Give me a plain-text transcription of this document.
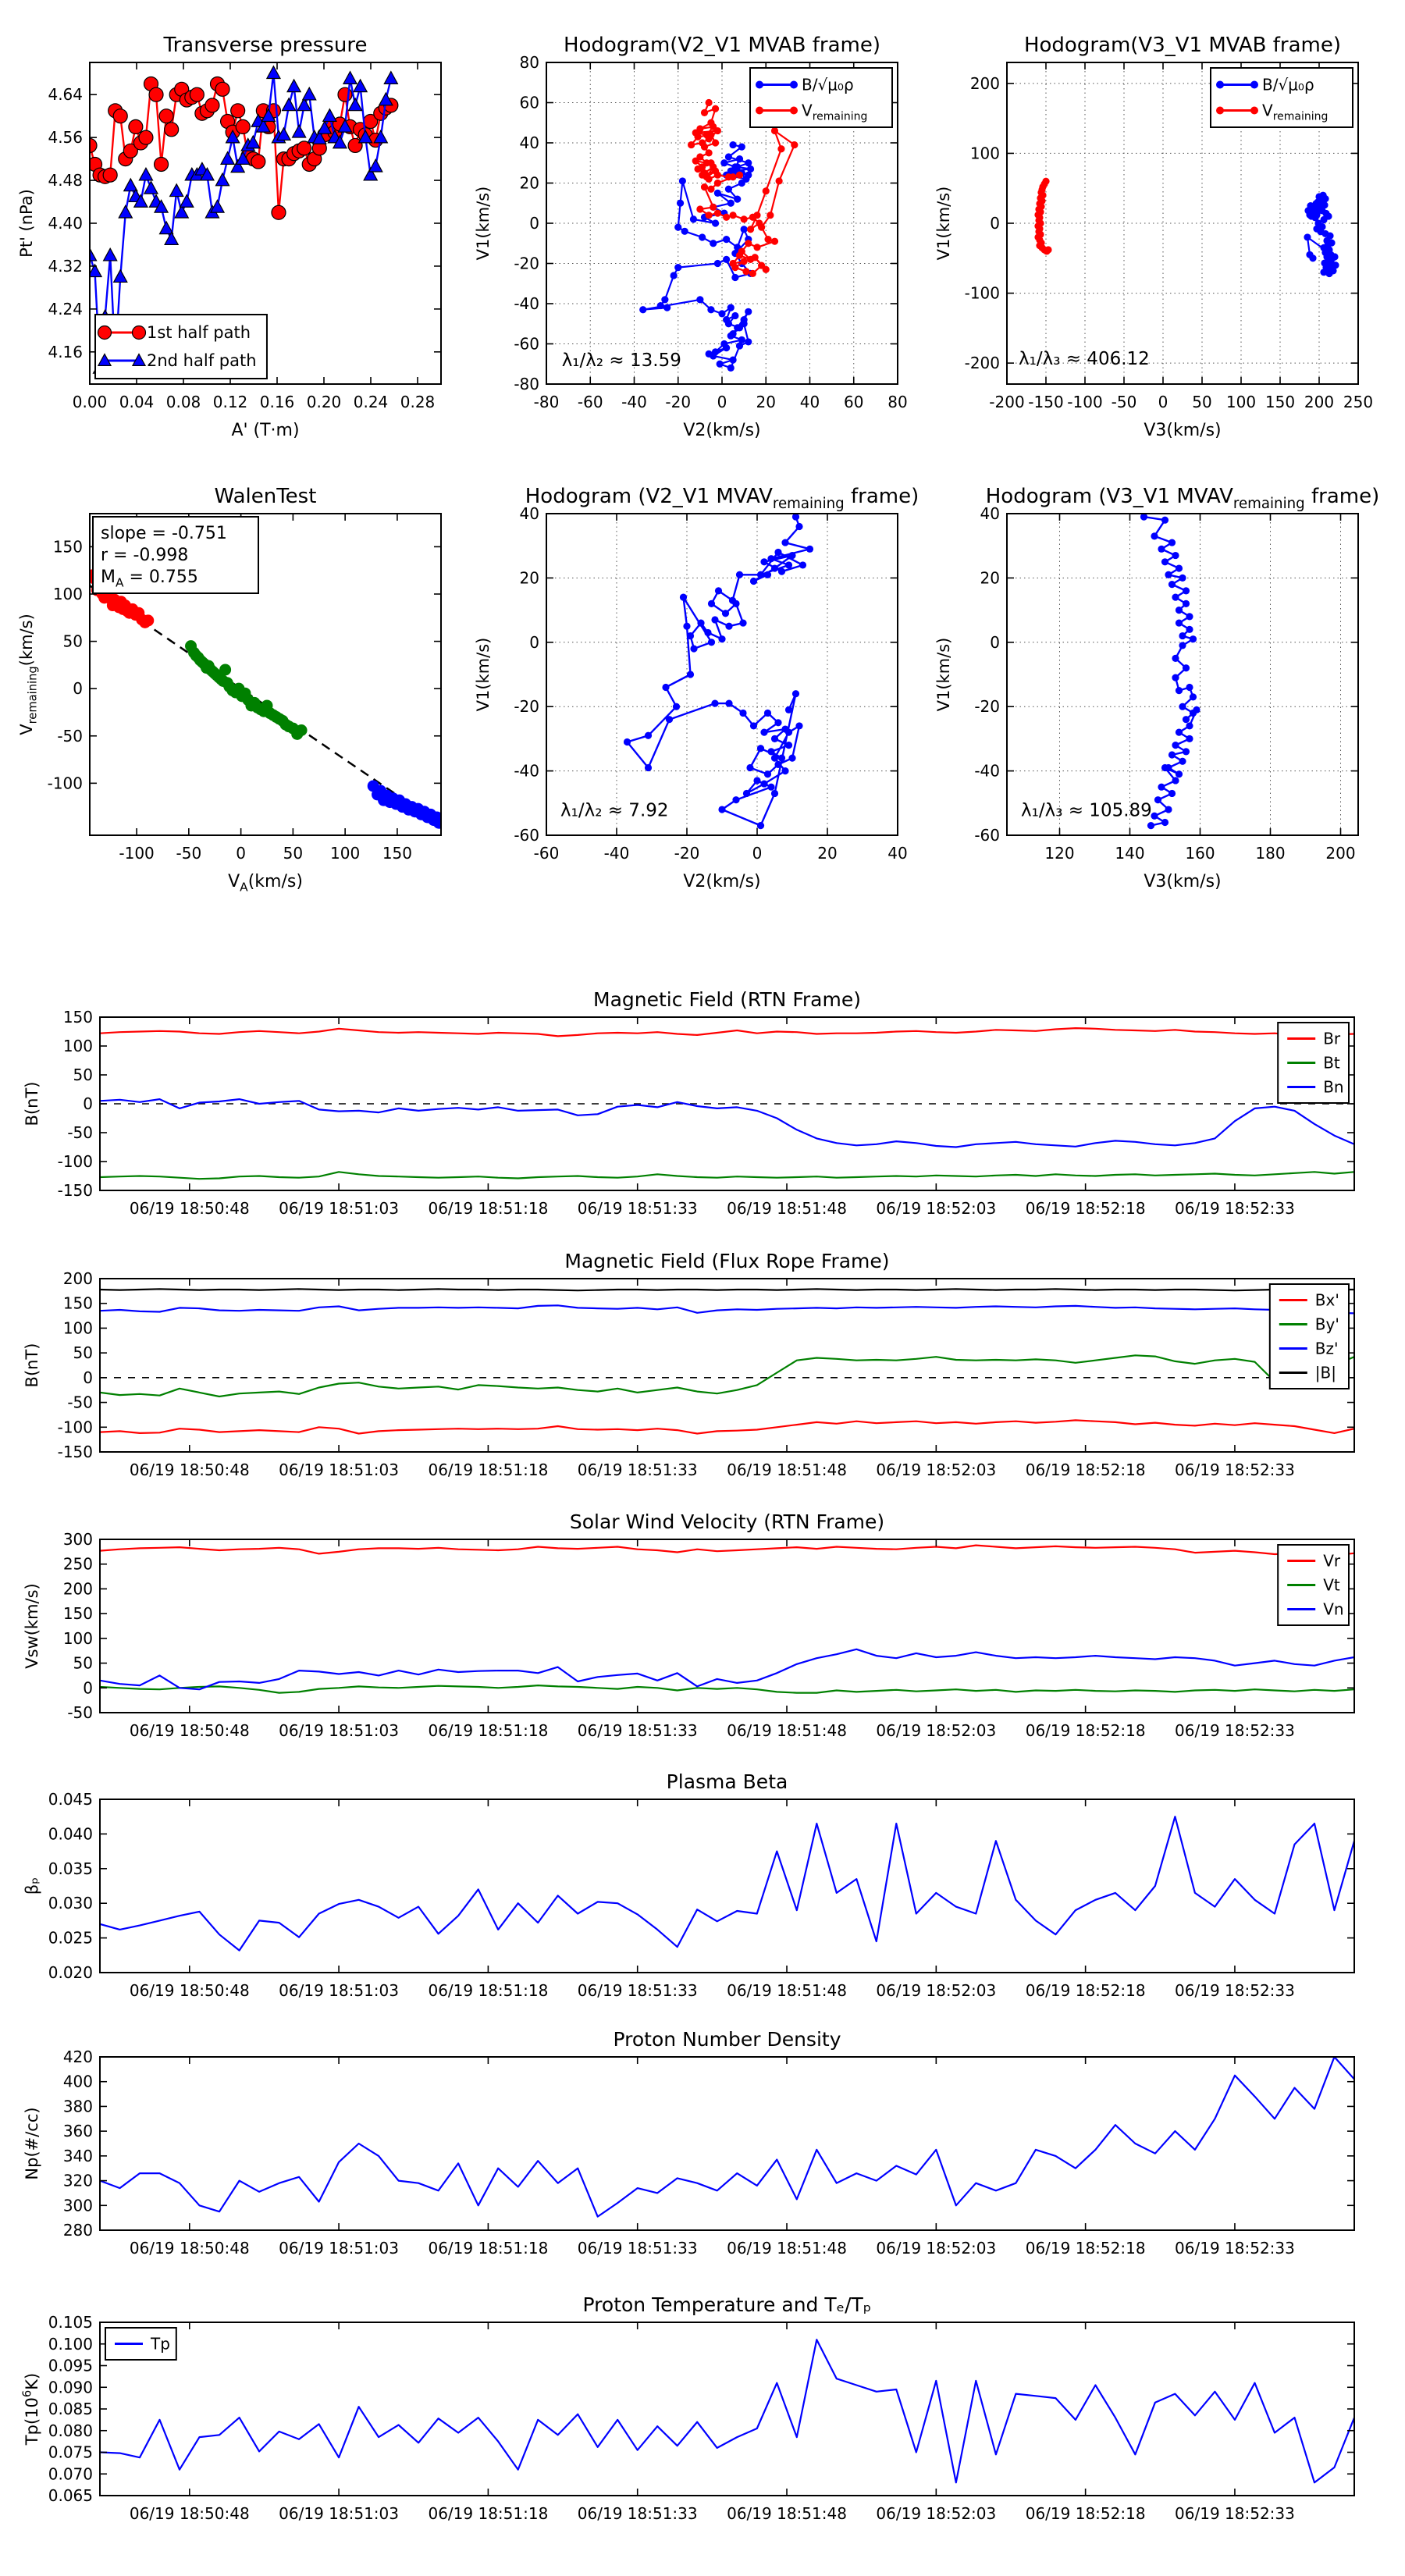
0.00 0.04 0.08 0.12 0.16 0.20 0.24 0.28
4.16
4.24
4.32
4.40
4.48
4.56
4.64
Transverse pressure
A' (T·m)
Pt' (nPa)
1st half path
2nd half path
-80 -60 -40 -20 0 20 40 60 80
-80
-60
-40
-20
0
20
40
60
80
Hodogram(V2_V1 MVAB frame)
V2(km/s)
V1(km/s)
λ₁/λ₂ ≈ 13.59
B/√μ₀ρ
$V_{remaining}$
-200 -150 -100 -50 0 50 100 150 200 250
-200
-100
0
100
200
Hodogram(V3_V1 MVAB frame)
V3(km/s)
V1(km/s)
λ₁/λ₃ ≈ 406.12
B/√μ₀ρ
$V_{remaining}$
-100 -50 0 50 100 150
-100
-50
0
50
100
150
WalenTest
$V_A(km/s)$
$V_{remaining}(km/s)$
slope = -0.751
r = -0.998
$M_A = 0.755$
-60	-40	-20	0	20	40
-60
-40
-20
0
20
40
Hodogram (V2_V1 $MVAV_{remaining}$ frame)
V2(km/s)
V1(km/s)
λ₁/λ₂ ≈ 7.92
120	140	160	180	200
-60
-40
-20
0
20
40
Hodogram (V3_V1 $MVAV_{remaining}$ frame)
V3(km/s)
V1(km/s)
λ₁/λ₃ ≈ 105.89
06/19 18:50:48 06/19 18:51:03 06/19 18:51:18 06/19 18:51:33 06/19 18:51:48 06/19 18:52:03 06/19 18:52:18 06/19 18:52:33
-150
-100
-50
0
50
100
150
Magnetic Field (RTN Frame)
B(nT)
Br
Bt
Bn
06/19 18:50:48 06/19 18:51:03 06/19 18:51:18 06/19 18:51:33 06/19 18:51:48 06/19 18:52:03 06/19 18:52:18 06/19 18:52:33
-150
-100
-50
0
50
100
150
200
Magnetic Field (Flux Rope Frame)
B(nT)
Bx'
By'
Bz'
|B|
06/19 18:50:48 06/19 18:51:03 06/19 18:51:18 06/19 18:51:33 06/19 18:51:48 06/19 18:52:03 06/19 18:52:18 06/19 18:52:33
-50
0
50
100
150
200
250
300
Solar Wind Velocity (RTN Frame)
Vsw(km/s)
Vr
Vt
Vn
06/19 18:50:48 06/19 18:51:03 06/19 18:51:18 06/19 18:51:33 06/19 18:51:48 06/19 18:52:03 06/19 18:52:18 06/19 18:52:33
0.020
0.025
0.030
0.035
0.040
0.045
Plasma Beta
βₚ
06/19 18:50:48 06/19 18:51:03 06/19 18:51:18 06/19 18:51:33 06/19 18:51:48 06/19 18:52:03 06/19 18:52:18 06/19 18:52:33
280
300
320
340
360
380
400
420
Proton Number Density
Np(#/cc)
06/19 18:50:48 06/19 18:51:03 06/19 18:51:18 06/19 18:51:33 06/19 18:51:48 06/19 18:52:03 06/19 18:52:18 06/19 18:52:33
0.065
0.070
0.075
0.080
0.085
0.090
0.095
0.100
0.105
Proton Temperature and Tₑ/Tₚ
$Tp(10^6K)$
Tp
